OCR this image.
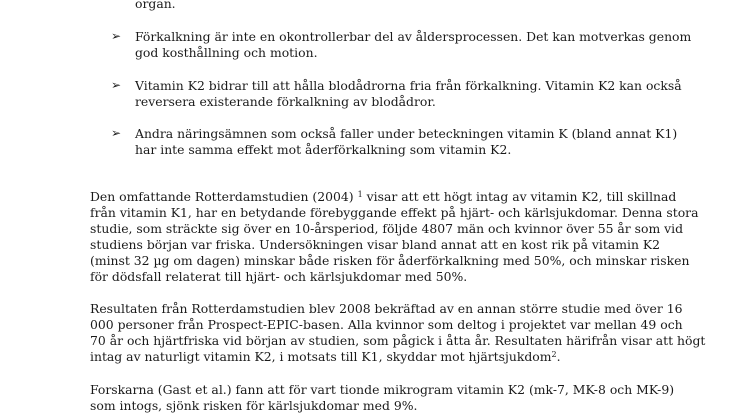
organ.
➢ Förkalkning är inte en okontrollerbar del av åldersprocessen. Det kan motverkas genom
god kosthållning och motion.
➢ Vitamin K2 bidrar till att hålla blodådrorna fria från förkalkning. Vitamin K2 kan också
reversera existerande förkalkning av blodådror.
➢ Andra näringsämnen som också faller under beteckningen vitamin K (bland annat K1)
har inte samma effekt mot åderförkalkning som vitamin K2.
Den omfattande Rotterdamstudien (2004) $^1$ visar att ett högt intag av vitamin K2, till skillnad
från vitamin K1, har en betydande förebyggande effekt på hjärt- och kärlsjukdomar. Denna stora
studie, som sträckte sig över en 10-årsperiod, följde 4807 män och kvinnor över 55 år som vid
studiens början var friska. Undersökningen visar bland annat att en kost rik på vitamin K2
(minst 32 µg om dagen) minskar både risken för åderförkalkning med 50%, och minskar risken
för dödsfall relaterat till hjärt- och kärlsjukdomar med 50%.
Resultaten från Rotterdamstudien blev 2008 bekräftad av en annan större studie med över 16
000 personer från Prospect-EPIC-basen. Alla kvinnor som deltog i projektet var mellan 49 och
70 år och hjärtfriska vid början av studien, som pågick i åtta år. Resultaten härifrån visar att högt
intag av naturligt vitamin K2, i motsats till K1, skyddar mot hjärtsjukdom$^2$.
Forskarna (Gast et al.) fann att för vart tionde mikrogram vitamin K2 (mk-7, MK-8 och MK-9)
som intogs, sjönk risken för kärlsjukdomar med 9%.
